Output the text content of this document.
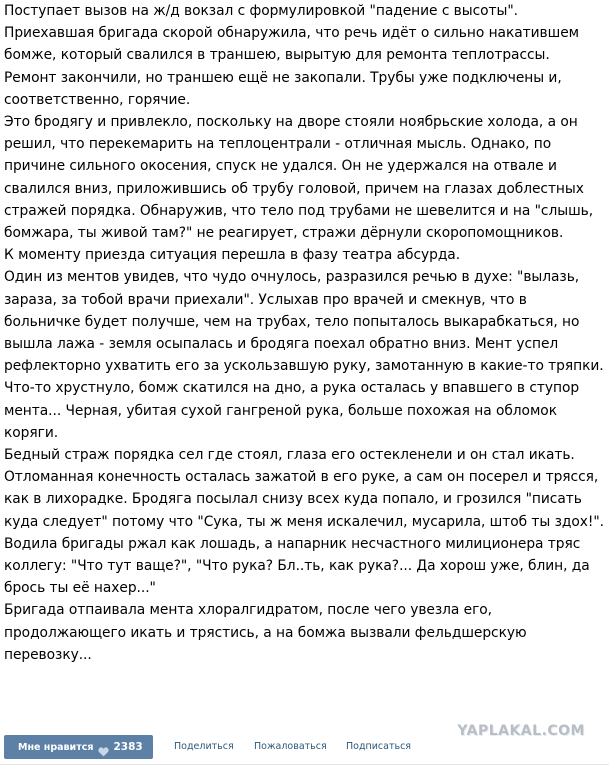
Поступает вызов на ж/д вокзал с формулировкой "падение с высоты".
Приехавшая бригада скорой обнаружила, что речь идёт о сильно накатившем бомже, который свалился в траншею, вырытую для ремонта теплотрассы. Ремонт закончили, но траншею ещё не закопали. Трубы уже подключены и, соответственно, горячие.
Это бродягу и привлекло, поскольку на дворе стояли ноябрьские холода, а он решил, что перекемарить на теплоцентрали - отличная мысль. Однако, по причине сильного окосения, спуск не удался. Он не удержался на отвале и свалился вниз, приложившись об трубу головой, причем на глазах доблестных стражей порядка. Обнаружив, что тело под трубами не шевелится и на "слышь, бомжара, ты живой там?" не реагирует, стражи дёрнули скоропомощников.
К моменту приезда ситуация перешла в фазу театра абсурда.
Один из ментов увидев, что чудо очнулось, разразился речью в духе: "вылазь, зараза, за тобой врачи приехали". Услыхав про врачей и смекнув, что в больничке будет получше, чем на трубах, тело попыталось выкарабкаться, но вышла лажа - земля осыпалась и бродяга поехал обратно вниз. Мент успел рефлекторно ухватить его за ускользавшую руку, замотанную в какие-то тряпки. Что-то хрустнуло, бомж скатился на дно, а рука осталась у впавшего в ступор мента... Черная, убитая сухой гангреной рука, больше похожая на обломок коряги.
Бедный страж порядка сел где стоял, глаза его остекленели и он стал икать. Отломанная конечность осталась зажатой в его руке, а сам он посерел и трясся, как в лихорадке. Бродяга посылал снизу всех куда попало, и грозился "писать куда следует" потому что "Сука, ты ж меня искалечил, мусарила, штоб ты здох!".
Водила бригады ржал как лошадь, а напарник несчастного милиционера тряс коллегу: "Что тут ваще?", "Что рука? Бл..ть, как рука?... Да хорош уже, блин, да брось ты её нахер..."
Бригада отпаивала мента хлоралгидратом, после чего увезла его, продолжающего икать и трястись, а на бомжа вызвали фельдшерскую перевозку...

YAPLAKAL.COM
Мне нравится 2383	Поделиться Пожаловаться Подписаться
